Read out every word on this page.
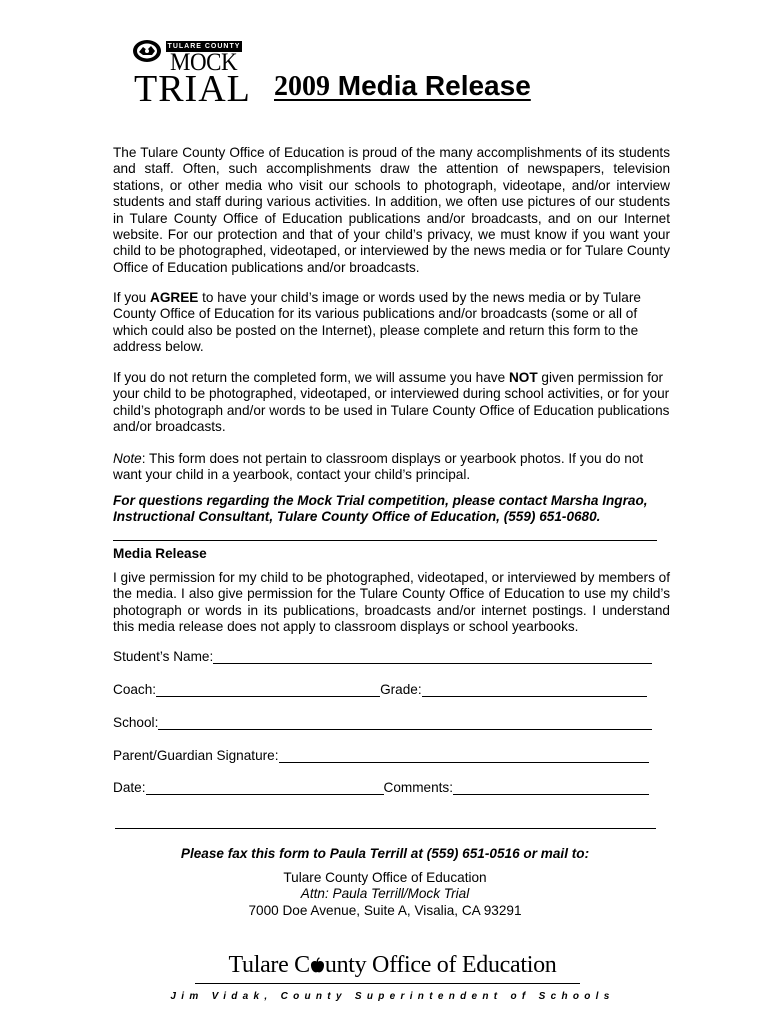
TULARE COUNTY
MOCK
TRIAL 2009 Media Release

The Tulare County Office of Education is proud of the many accomplishments of its students and staff. Often, such accomplishments draw the attention of newspapers, television stations, or other media who visit our schools to photograph, videotape, and/or interview students and staff during various activities. In addition, we often use pictures of our students in Tulare County Office of Education publications and/or broadcasts, and on our Internet website. For our protection and that of your child’s privacy, we must know if you want your child to be photographed, videotaped, or interviewed by the news media or for Tulare County Office of Education publications and/or broadcasts.

If you AGREE to have your child’s image or words used by the news media or by Tulare County Office of Education for its various publications and/or broadcasts (some or all of which could also be posted on the Internet), please complete and return this form to the address below.

If you do not return the completed form, we will assume you have NOT given permission for your child to be photographed, videotaped, or interviewed during school activities, or for your child’s photograph and/or words to be used in Tulare County Office of Education publications and/or broadcasts.

Note: This form does not pertain to classroom displays or yearbook photos. If you do not want your child in a yearbook, contact your child’s principal.

For questions regarding the Mock Trial competition, please contact Marsha Ingrao, Instructional Consultant, Tulare County Office of Education, (559) 651-0680.

Media Release

I give permission for my child to be photographed, videotaped, or interviewed by members of the media. I also give permission for the Tulare County Office of Education to use my child’s photograph or words in its publications, broadcasts and/or internet postings. I understand this media release does not apply to classroom displays or school yearbooks.

Student’s Name:
Coach:	Grade:
School:
Parent/Guardian Signature:
Date:	Comments:
Please fax this form to Paula Terrill at (559) 651-0516 or mail to:
Tulare County Office of Education
Attn: Paula Terrill/Mock Trial
7000 Doe Avenue, Suite A, Visalia, CA 93291
Tulare C unty Office of Education
Jim Vidak, County Superintendent of Schools
